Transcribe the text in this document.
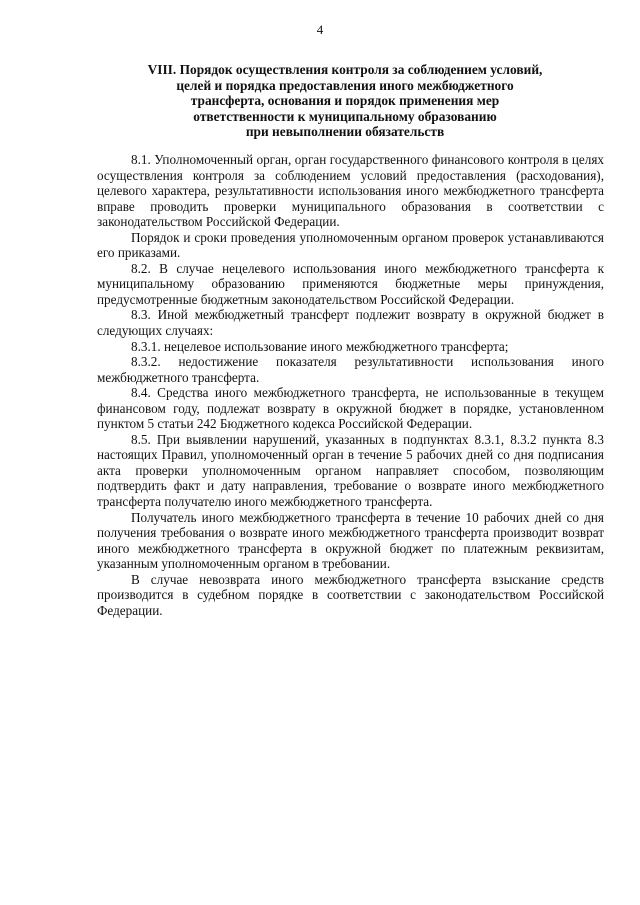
4
VIII. Порядок осуществления контроля за соблюдением условий,
целей и порядка предоставления иного межбюджетного
трансферта, основания и порядок применения мер
ответственности к муниципальному образованию
при невыполнении обязательств

8.1. Уполномоченный орган, орган государственного финансового контроля в целях осуществления контроля за соблюдением условий предоставления (расходования), целевого характера, результативности использования иного межбюджетного трансферта вправе проводить проверки муниципального образования в соответствии с законодательством Российской Федерации.

Порядок и сроки проведения уполномоченным органом проверок устанавливаются его приказами.

8.2. В случае нецелевого использования иного межбюджетного трансферта к муниципальному образованию применяются бюджетные меры принуждения, предусмотренные бюджетным законодательством Российской Федерации.

8.3. Иной межбюджетный трансферт подлежит возврату в окружной бюджет в следующих случаях:

8.3.1. нецелевое использование иного межбюджетного трансферта;

8.3.2. недостижение показателя результативности использования иного межбюджетного трансферта.

8.4. Средства иного межбюджетного трансферта, не использованные в текущем финансовом году, подлежат возврату в окружной бюджет в порядке, установленном пунктом 5 статьи 242 Бюджетного кодекса Российской Федерации.

8.5. При выявлении нарушений, указанных в подпунктах 8.3.1, 8.3.2 пункта 8.3 настоящих Правил, уполномоченный орган в течение 5 рабочих дней со дня подписания акта проверки уполномоченным органом направляет способом, позволяющим подтвердить факт и дату направления, требование о возврате иного межбюджетного трансферта получателю иного межбюджетного трансферта.

Получатель иного межбюджетного трансферта в течение 10 рабочих дней со дня получения требования о возврате иного межбюджетного трансферта производит возврат иного межбюджетного трансферта в окружной бюджет по платежным реквизитам, указанным уполномоченным органом в требовании.

В случае невозврата иного межбюджетного трансферта взыскание средств производится в судебном порядке в соответствии с законодательством Российской Федерации.
